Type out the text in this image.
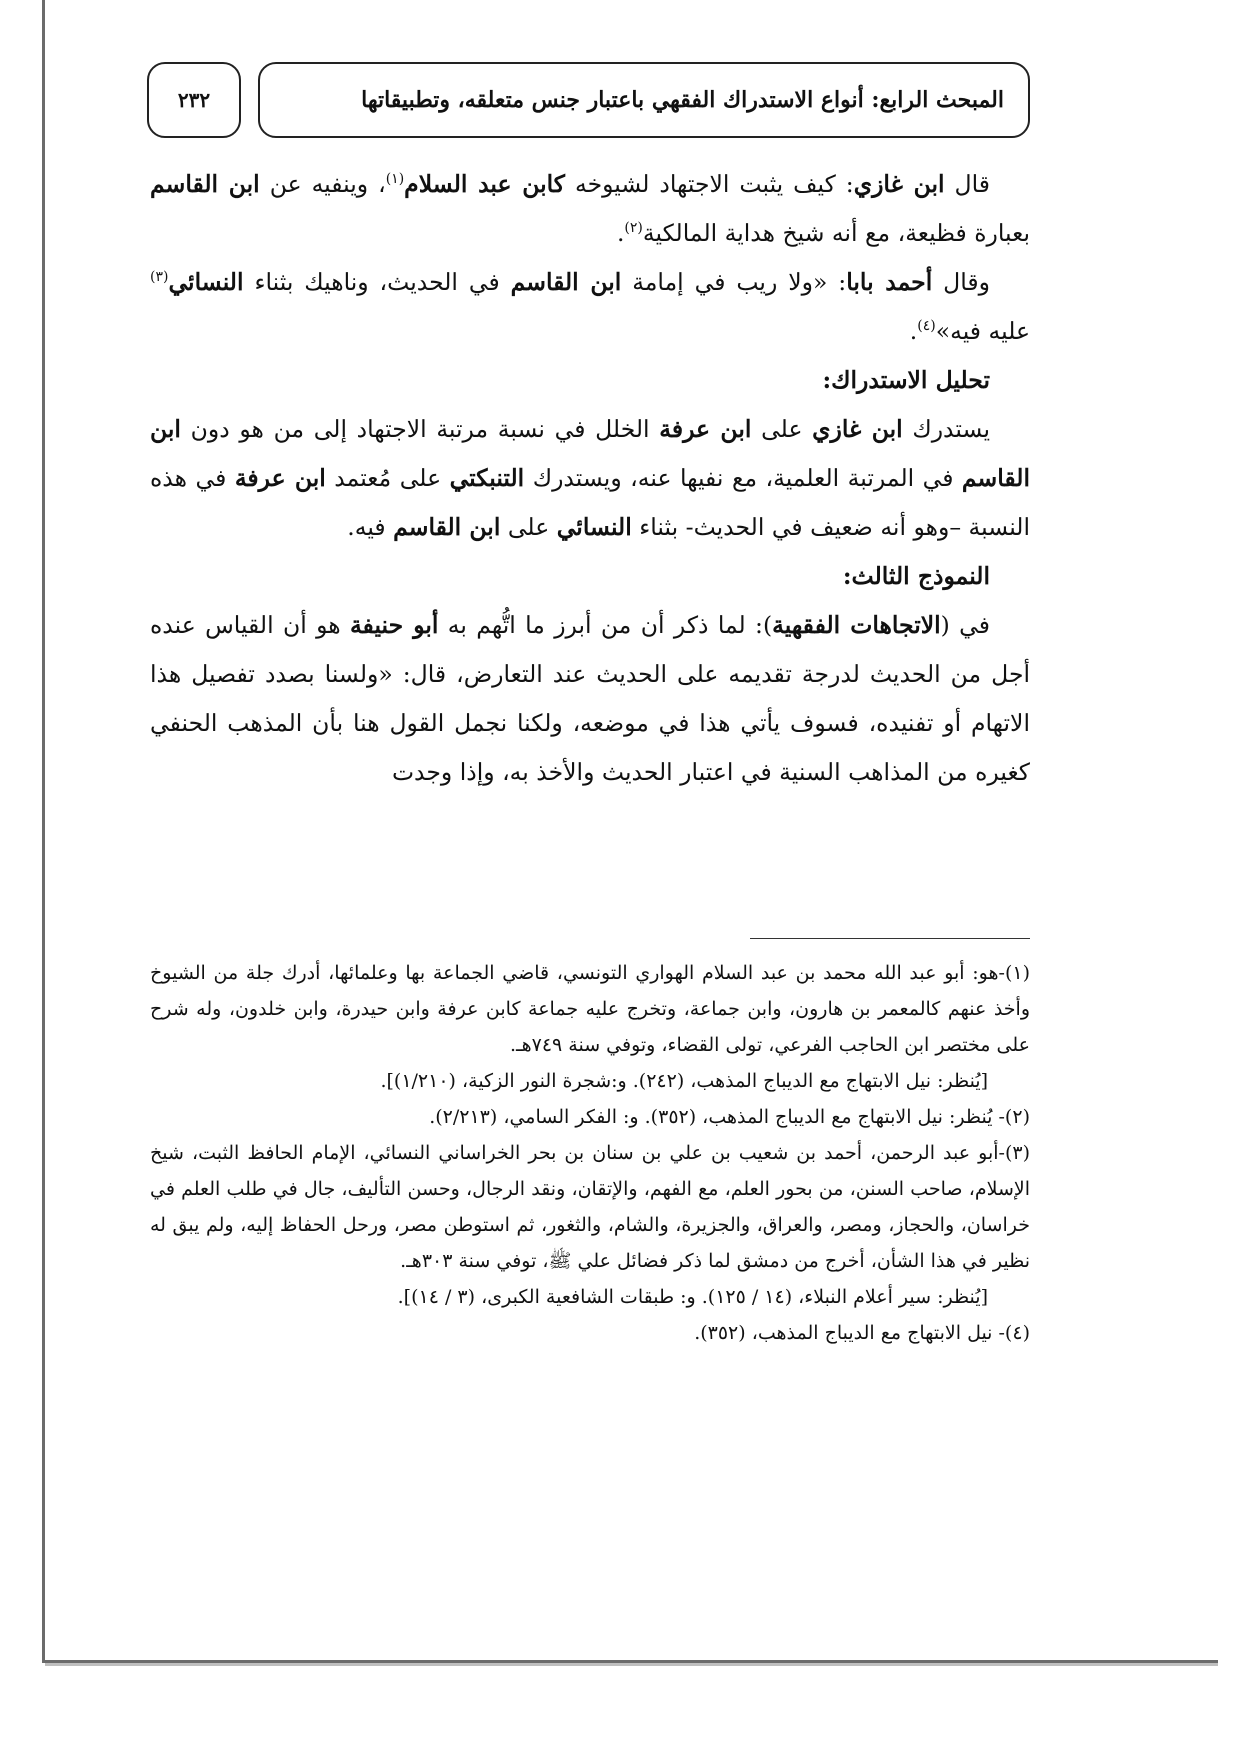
المبحث الرابع: أنواع الاستدراك الفقهي باعتبار جنس متعلقه، وتطبيقاتها
٢٣٢

قال ابن غازي: كيف يثبت الاجتهاد لشيوخه كابن عبد السلام$^{(١)}$، وينفيه عن ابن القاسم بعبارة فظيعة، مع أنه شيخ هداية المالكية$^{(٢)}$.

وقال أحمد بابا: «ولا ريب في إمامة ابن القاسم في الحديث، وناهيك بثناء النسائي$^{(٣)}$ عليه فيه»$^{(٤)}$.

تحليل الاستدراك:

يستدرك ابن غازي على ابن عرفة الخلل في نسبة مرتبة الاجتهاد إلى من هو دون ابن القاسم في المرتبة العلمية، مع نفيها عنه، ويستدرك التنبكتي على مُعتمد ابن عرفة في هذه النسبة –وهو أنه ضعيف في الحديث- بثناء النسائي على ابن القاسم فيه.

النموذج الثالث:

في (الاتجاهات الفقهية): لما ذكر أن من أبرز ما اتُّهم به أبو حنيفة هو أن القياس عنده أجل من الحديث لدرجة تقديمه على الحديث عند التعارض، قال: «ولسنا بصدد تفصيل هذا الاتهام أو تفنيده، فسوف يأتي هذا في موضعه، ولكنا نجمل القول هنا بأن المذهب الحنفي كغيره من المذاهب السنية في اعتبار الحديث والأخذ به، وإذا وجدت

(١)-هو: أبو عبد الله محمد بن عبد السلام الهواري التونسي، قاضي الجماعة بها وعلمائها، أدرك جلة من الشيوخ وأخذ عنهم كالمعمر بن هارون، وابن جماعة، وتخرج عليه جماعة كابن عرفة وابن حيدرة، وابن خلدون، وله شرح على مختصر ابن الحاجب الفرعي، تولى القضاء، وتوفي سنة ٧٤٩هـ.

[يُنظر: نيل الابتهاج مع الديباج المذهب، (٢٤٢). و:شجرة النور الزكية، (١/٢١٠)].

(٢)- يُنظر: نيل الابتهاج مع الديباج المذهب، (٣٥٢). و: الفكر السامي، (٢/٢١٣).

(٣)-أبو عبد الرحمن، أحمد بن شعيب بن علي بن سنان بن بحر الخراساني النسائي، الإمام الحافظ الثبت، شيخ الإسلام، صاحب السنن، من بحور العلم، مع الفهم، والإتقان، ونقد الرجال، وحسن التأليف، جال في طلب العلم في خراسان، والحجاز، ومصر، والعراق، والجزيرة، والشام، والثغور، ثم استوطن مصر، ورحل الحفاظ إليه، ولم يبق له نظير في هذا الشأن، أخرج من دمشق لما ذكر فضائل علي ﷺ، توفي سنة ٣٠٣هـ.

[يُنظر: سير أعلام النبلاء، (١٤ / ١٢٥). و: طبقات الشافعية الكبرى، (٣ / ١٤)].

(٤)- نيل الابتهاج مع الديباج المذهب، (٣٥٢).
